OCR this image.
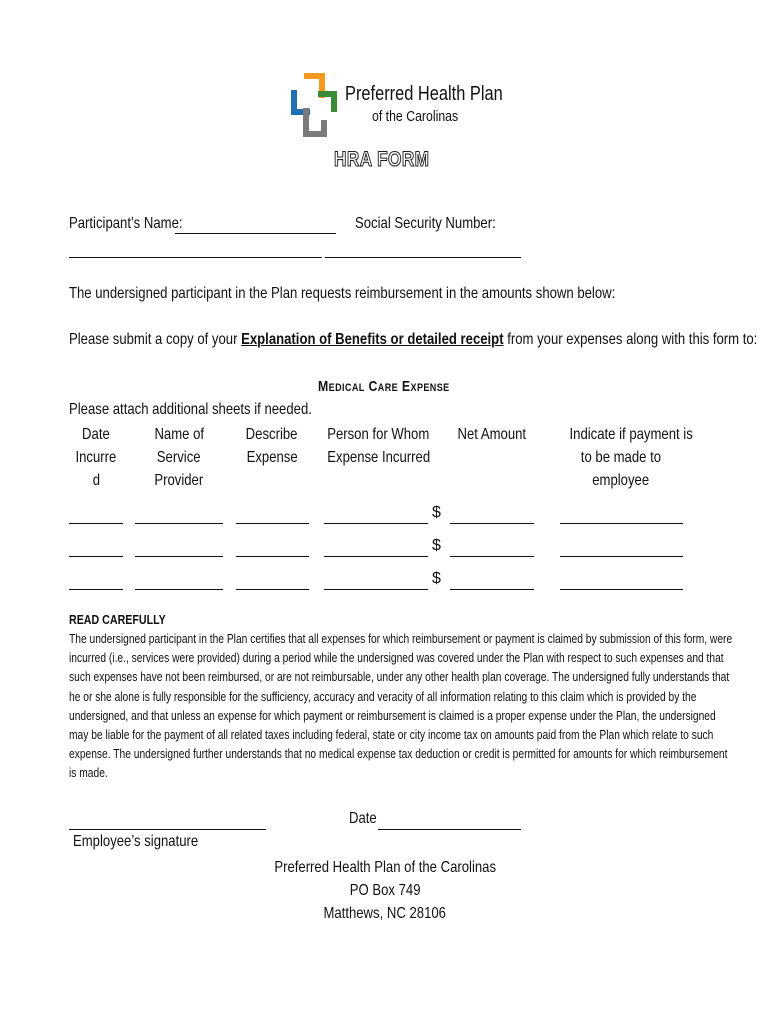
Preferred Health Plan
of the Carolinas
HRA FORM
Participant’s Name:	Social Security Number:
The undersigned participant in the Plan requests reimbursement in the amounts shown below:
Please submit a copy of your Explanation of Benefits or detailed receipt from your expenses along with this form to:
Medical Care Expense
Please attach additional sheets if needed.
Date
Incurre
d
Name of
Service
Provider
Describe
Expense
Person for Whom
Expense Incurred
Net Amount	Indicate if payment is
to be made to
employee
$
$
$
READ CAREFULLY
The undersigned participant in the Plan certifies that all expenses for which reimbursement or payment is claimed by submission of this form, were
incurred (i.e., services were provided) during a period while the undersigned was covered under the Plan with respect to such expenses and that
such expenses have not been reimbursed, or are not reimbursable, under any other health plan coverage. The undersigned fully understands that
he or she alone is fully responsible for the sufficiency, accuracy and veracity of all information relating to this claim which is provided by the
undersigned, and that unless an expense for which payment or reimbursement is claimed is a proper expense under the Plan, the undersigned
may be liable for the payment of all related taxes including federal, state or city income tax on amounts paid from the Plan which relate to such
expense. The undersigned further understands that no medical expense tax deduction or credit is permitted for amounts for which reimbursement
is made.
Date
Employee’s signature
Preferred Health Plan of the Carolinas
PO Box 749
Matthews, NC 28106
